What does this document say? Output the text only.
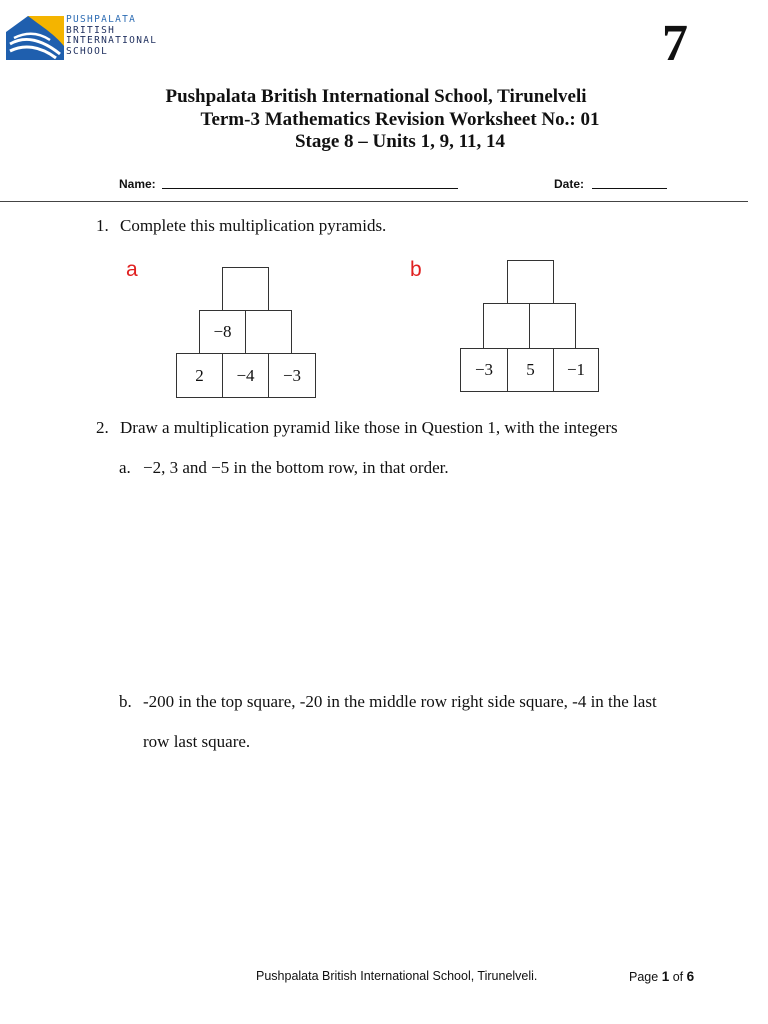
PUSHPALATA
BRITISH
INTERNATIONAL
SCHOOL	7
Pushpalata British International School, Tirunelveli
Term-3 Mathematics Revision Worksheet No.: 01
Stage 8 – Units 1, 9, 11, 14
Name:	Date:
1. Complete this multiplication pyramids.
a	b
−8
2	−4	−3	−3	5	−1
2. Draw a multiplication pyramid like those in Question 1, with the integers
a. −2, 3 and −5 in the bottom row, in that order.
b. -200 in the top square, -20 in the middle row right side square, -4 in the last
row last square.
Pushpalata British International School, Tirunelveli.	Page 1 of 6
